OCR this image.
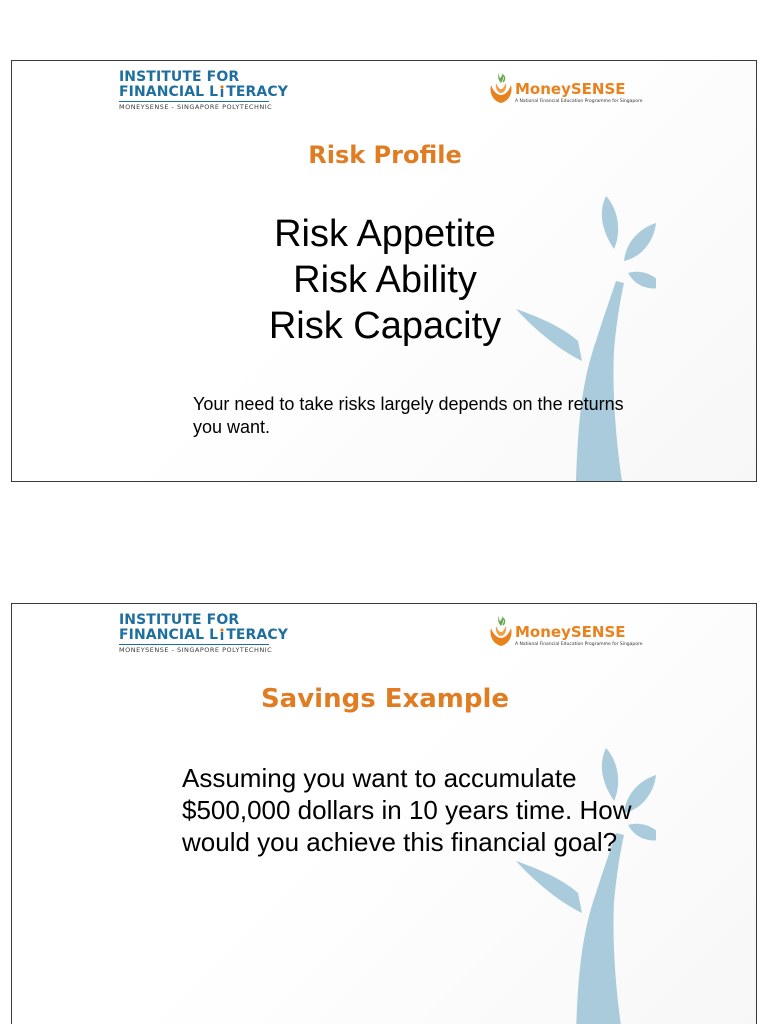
INSTITUTE FOR
FINANCIAL L TERACY
MONEYSENSE - SINGAPORE POLYTECHNIC
MoneySENSE
A National Financial Education Programme for Singapore
Risk Profile
Risk Appetite
Risk Ability
Risk Capacity
Your need to take risks largely depends on the returns you want.
INSTITUTE FOR
FINANCIAL L TERACY
MONEYSENSE - SINGAPORE POLYTECHNIC
MoneySENSE
A National Financial Education Programme for Singapore
Savings Example
Assuming you want to accumulate $500,000 dollars in 10 years time. How would you achieve this financial goal?
